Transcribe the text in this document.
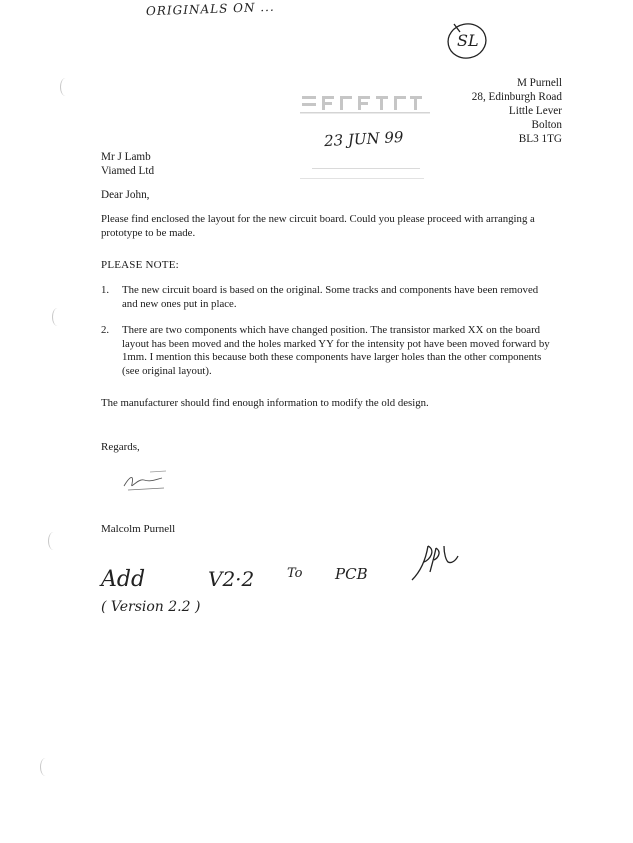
ORIGINALS ON ...
SL
23 JUN 99
M Purnell
28, Edinburgh Road
Little Lever
Bolton
BL3 1TG
Mr J Lamb
Viamed Ltd
Dear John,
Please find enclosed the layout for the new circuit board. Could you please proceed with arranging a prototype to be made.
PLEASE NOTE:
1. The new circuit board is based on the original. Some tracks and components have been removed and new ones put in place.
2. There are two components which have changed position. The transistor marked XX on the board layout has been moved and the holes marked YY for the intensity pot have been moved forward by 1mm. I mention this because both these components have larger holes than the other components (see original layout).
The manufacturer should find enough information to modify the old design.
Regards,
Malcolm Purnell
Add	V2·2	To PCB
( Version 2.2 )
